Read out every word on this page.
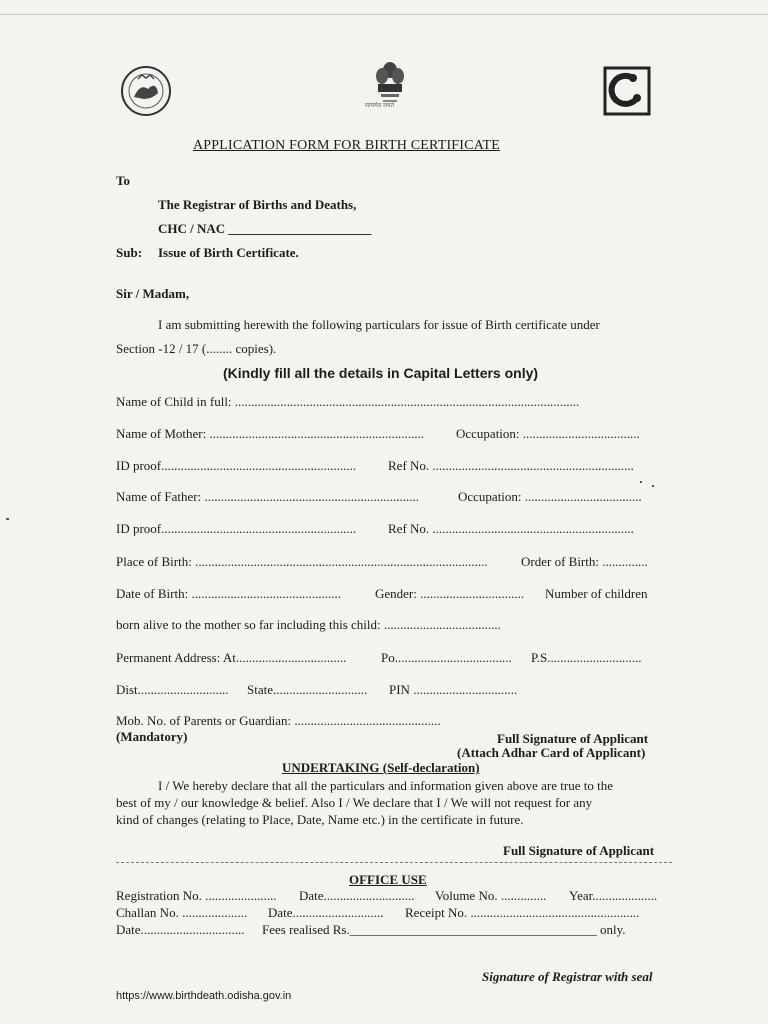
सत्यमेव जयते
APPLICATION FORM FOR BIRTH CERTIFICATE
To
The Registrar of Births and Deaths,
CHC / NAC ______________________
Sub: Issue of Birth Certificate.
Sir / Madam,
I am submitting herewith the following particulars for issue of Birth certificate under
Section -12 / 17 (........ copies).
(Kindly fill all the details in Capital Letters only)
Name of Child in full: ..........................................................................................................
Name of Mother: .................................................................. Occupation: ....................................
ID proof............................................................ Ref No. ..............................................................
Name of Father: ..................................................................	Occupation: ....................................
ID proof............................................................ Ref No. ..............................................................
Place of Birth: ..........................................................................................	Order of Birth: ..............
Date of Birth: ..............................................	Gender: ................................ Number of children
born alive to the mother so far including this child: ....................................
Permanent Address: At..................................	Po.................................... P.S.............................
Dist............................ State............................. PIN ................................
Mob. No. of Parents or Guardian: .............................................
(Mandatory)	Full Signature of Applicant
(Attach Adhar Card of Applicant)
UNDERTAKING (Self-declaration)
I / We hereby declare that all the particulars and information given above are true to the
best of my / our knowledge & belief. Also I / We declare that I / We will not request for any
kind of changes (relating to Place, Date, Name etc.) in the certificate in future.
Full Signature of Applicant
OFFICE USE
Registration No. ...................... Date............................ Volume No. .............. Year....................
Challan No. .................... Date............................ Receipt No. ....................................................
Date................................ Fees realised Rs.______________________________________ only.
Signature of Registrar with seal
https://www.birthdeath.odisha.gov.in
